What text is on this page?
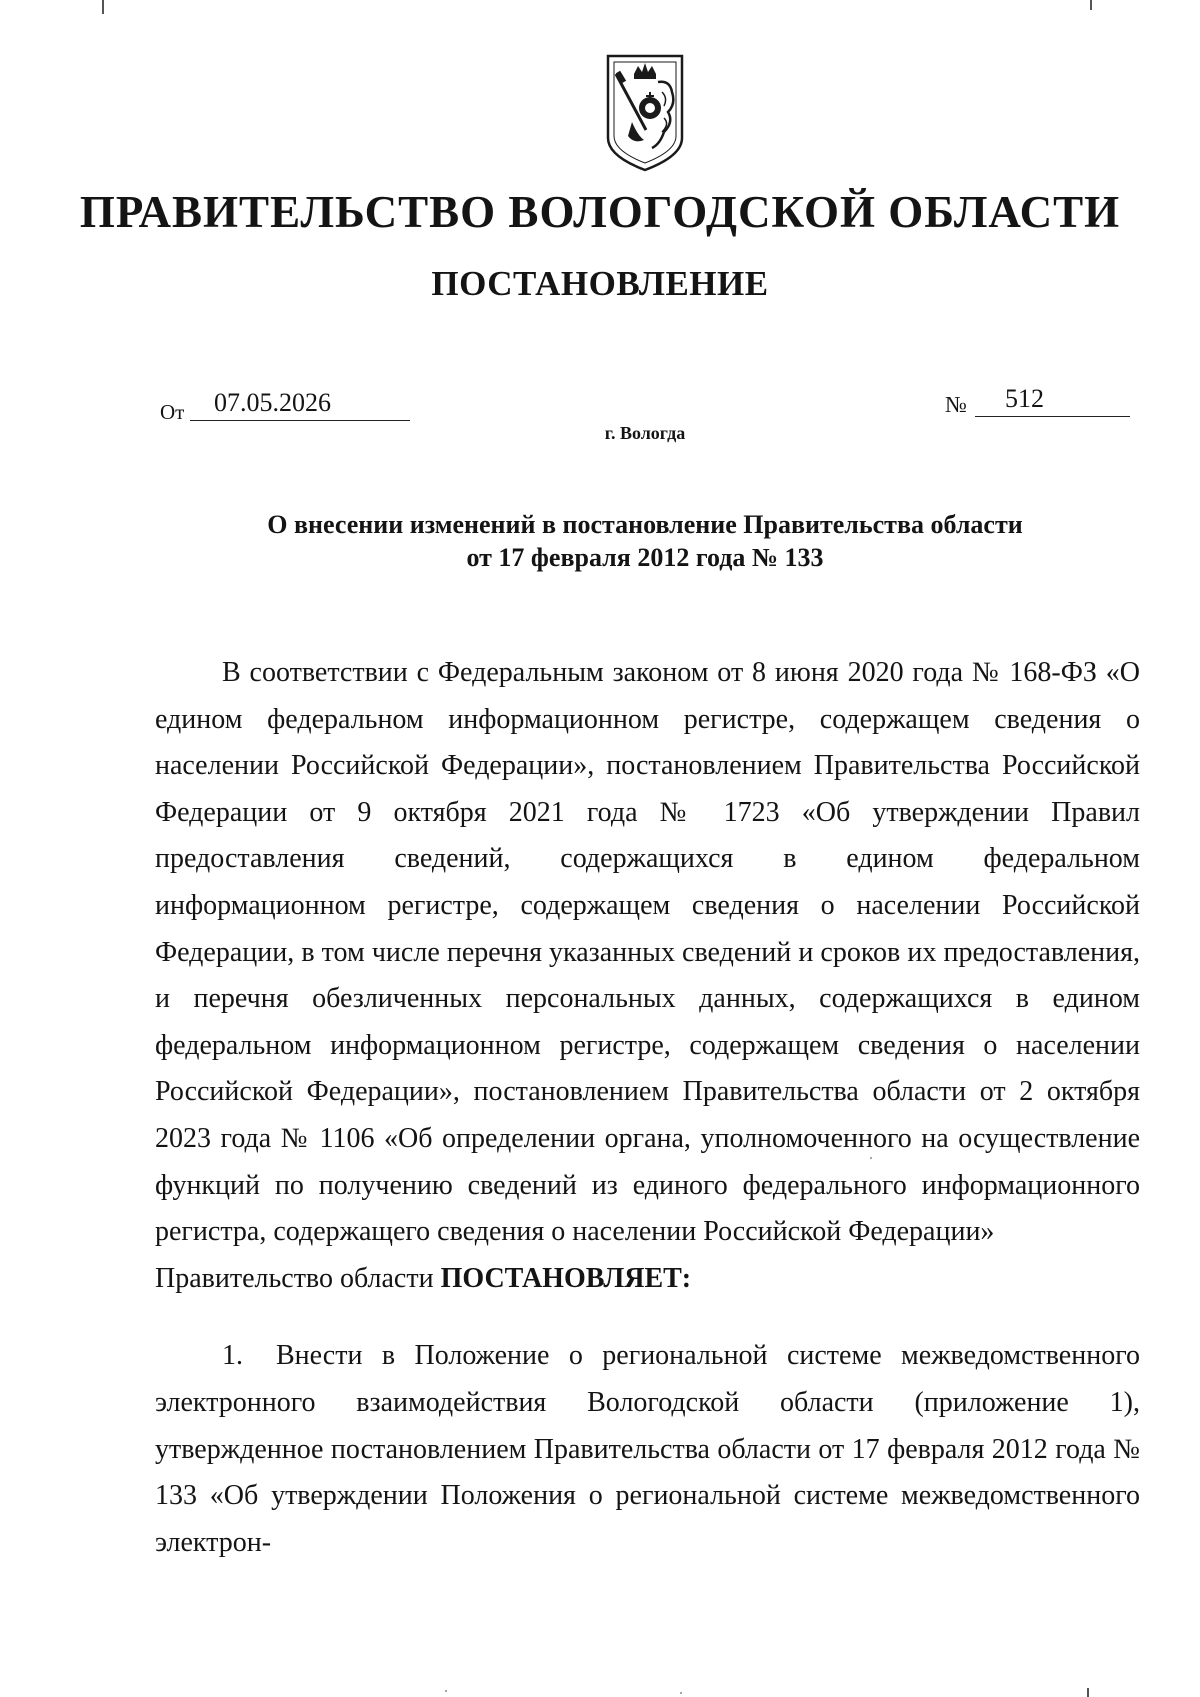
ПРАВИТЕЛЬСТВО ВОЛОГОДСКОЙ ОБЛАСТИ
ПОСТАНОВЛЕНИЕ
От	07.05.2026	№	512
г. Вологда
О внесении изменений в постановление Правительства области
от 17 февраля 2012 года № 133

В соответствии с Федеральным законом от 8 июня 2020 года № 168-ФЗ «О едином федеральном информационном регистре, содержащем сведения о населении Российской Федерации», постановлением Правительства Российской Федерации от 9 октября 2021 года № 1723 «Об утверждении Правил предоставления сведений, содержащихся в едином федеральном информационном регистре, содержащем сведения о населении Российской Федерации, в том числе перечня указанных сведений и сроков их предоставления, и перечня обезличенных персональных данных, содержащихся в едином федеральном информационном регистре, содержащем сведения о населении Российской Федерации», постановлением Правительства области от 2 октября 2023 года № 1106 «Об определении органа, уполномоченного на осуществление функций по получению сведений из единого федерального информационного регистра, содержащего сведения о населении Российской Федерации»

Правительство области ПОСТАНОВЛЯЕТ:

1. Внести в Положение о региональной системе межведомственного электронного взаимодействия Вологодской области (приложение 1), утвержденное постановлением Правительства области от 17 февраля 2012 года № 133 «Об утверждении Положения о региональной системе межведомственного электрон-
